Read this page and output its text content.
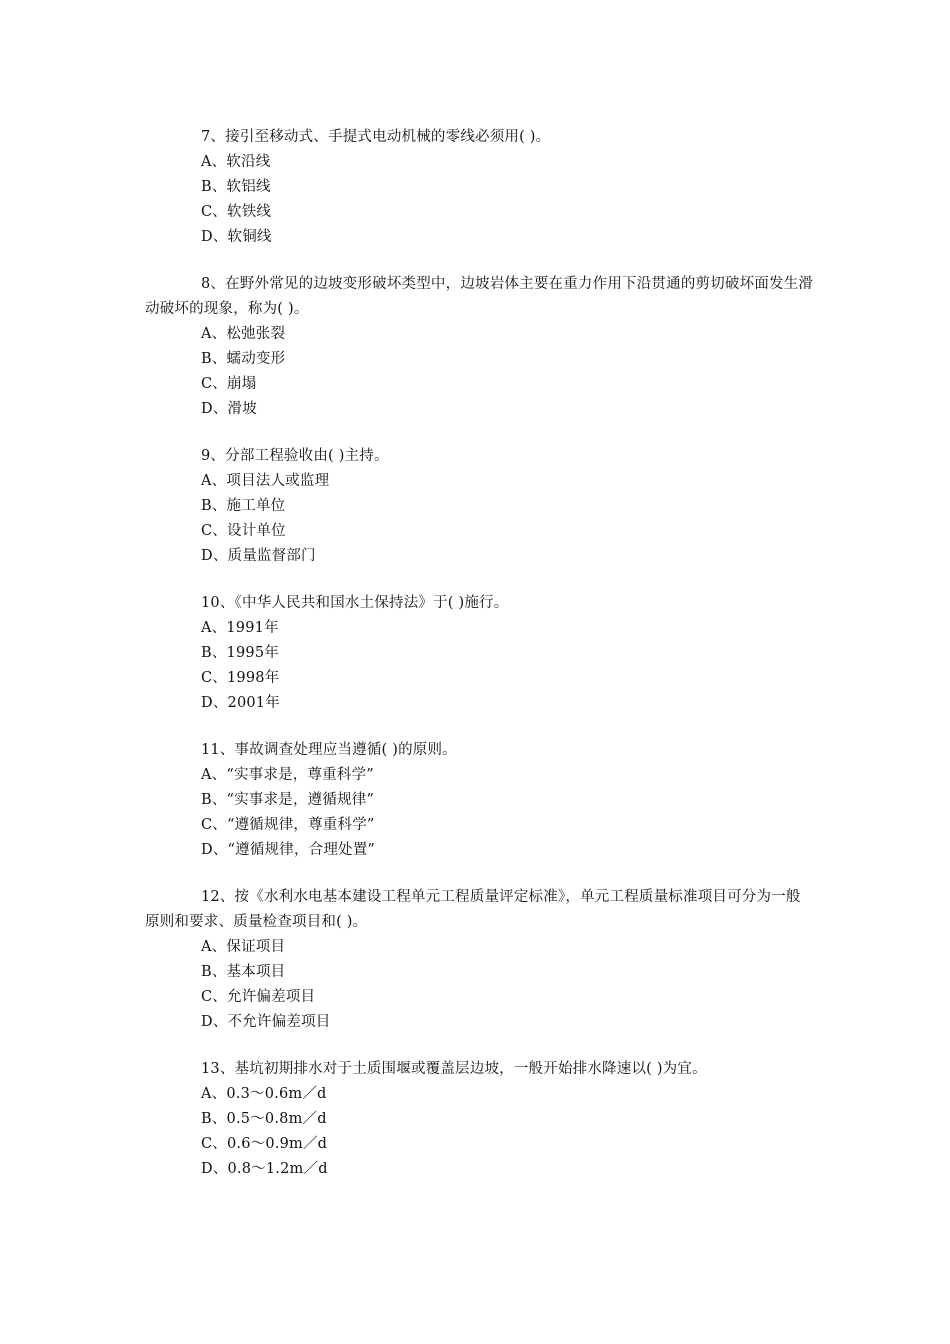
7、接引至移动式、手提式电动机械的零线必须用( )。

A、软沿线

B、软铝线

C、软铁线

D、软铜线

8、在野外常见的边坡变形破坏类型中，边坡岩体主要在重力作用下沿贯通的剪切破坏面发生滑动破坏的现象，称为( )。

A、松弛张裂

B、蠕动变形

C、崩塌

D、滑坡

9、分部工程验收由( )主持。

A、项目法人或监理

B、施工单位

C、设计单位

D、质量监督部门

10、《中华人民共和国水土保持法》于( )施行。

A、1991年

B、1995年

C、1998年

D、2001年

11、事故调查处理应当遵循( )的原则。

A、“实事求是，尊重科学”

B、“实事求是，遵循规律”

C、“遵循规律，尊重科学”

D、“遵循规律，合理处置”

12、按《水利水电基本建设工程单元工程质量评定标准》，单元工程质量标准项目可分为一般原则和要求、质量检查项目和( )。

A、保证项目

B、基本项目

C、允许偏差项目

D、不允许偏差项目

13、基坑初期排水对于土质围堰或覆盖层边坡，一般开始排水降速以( )为宜。

A、0.3～0.6m／d

B、0.5～0.8m／d

C、0.6～0.9m／d

D、0.8～1.2m／d
